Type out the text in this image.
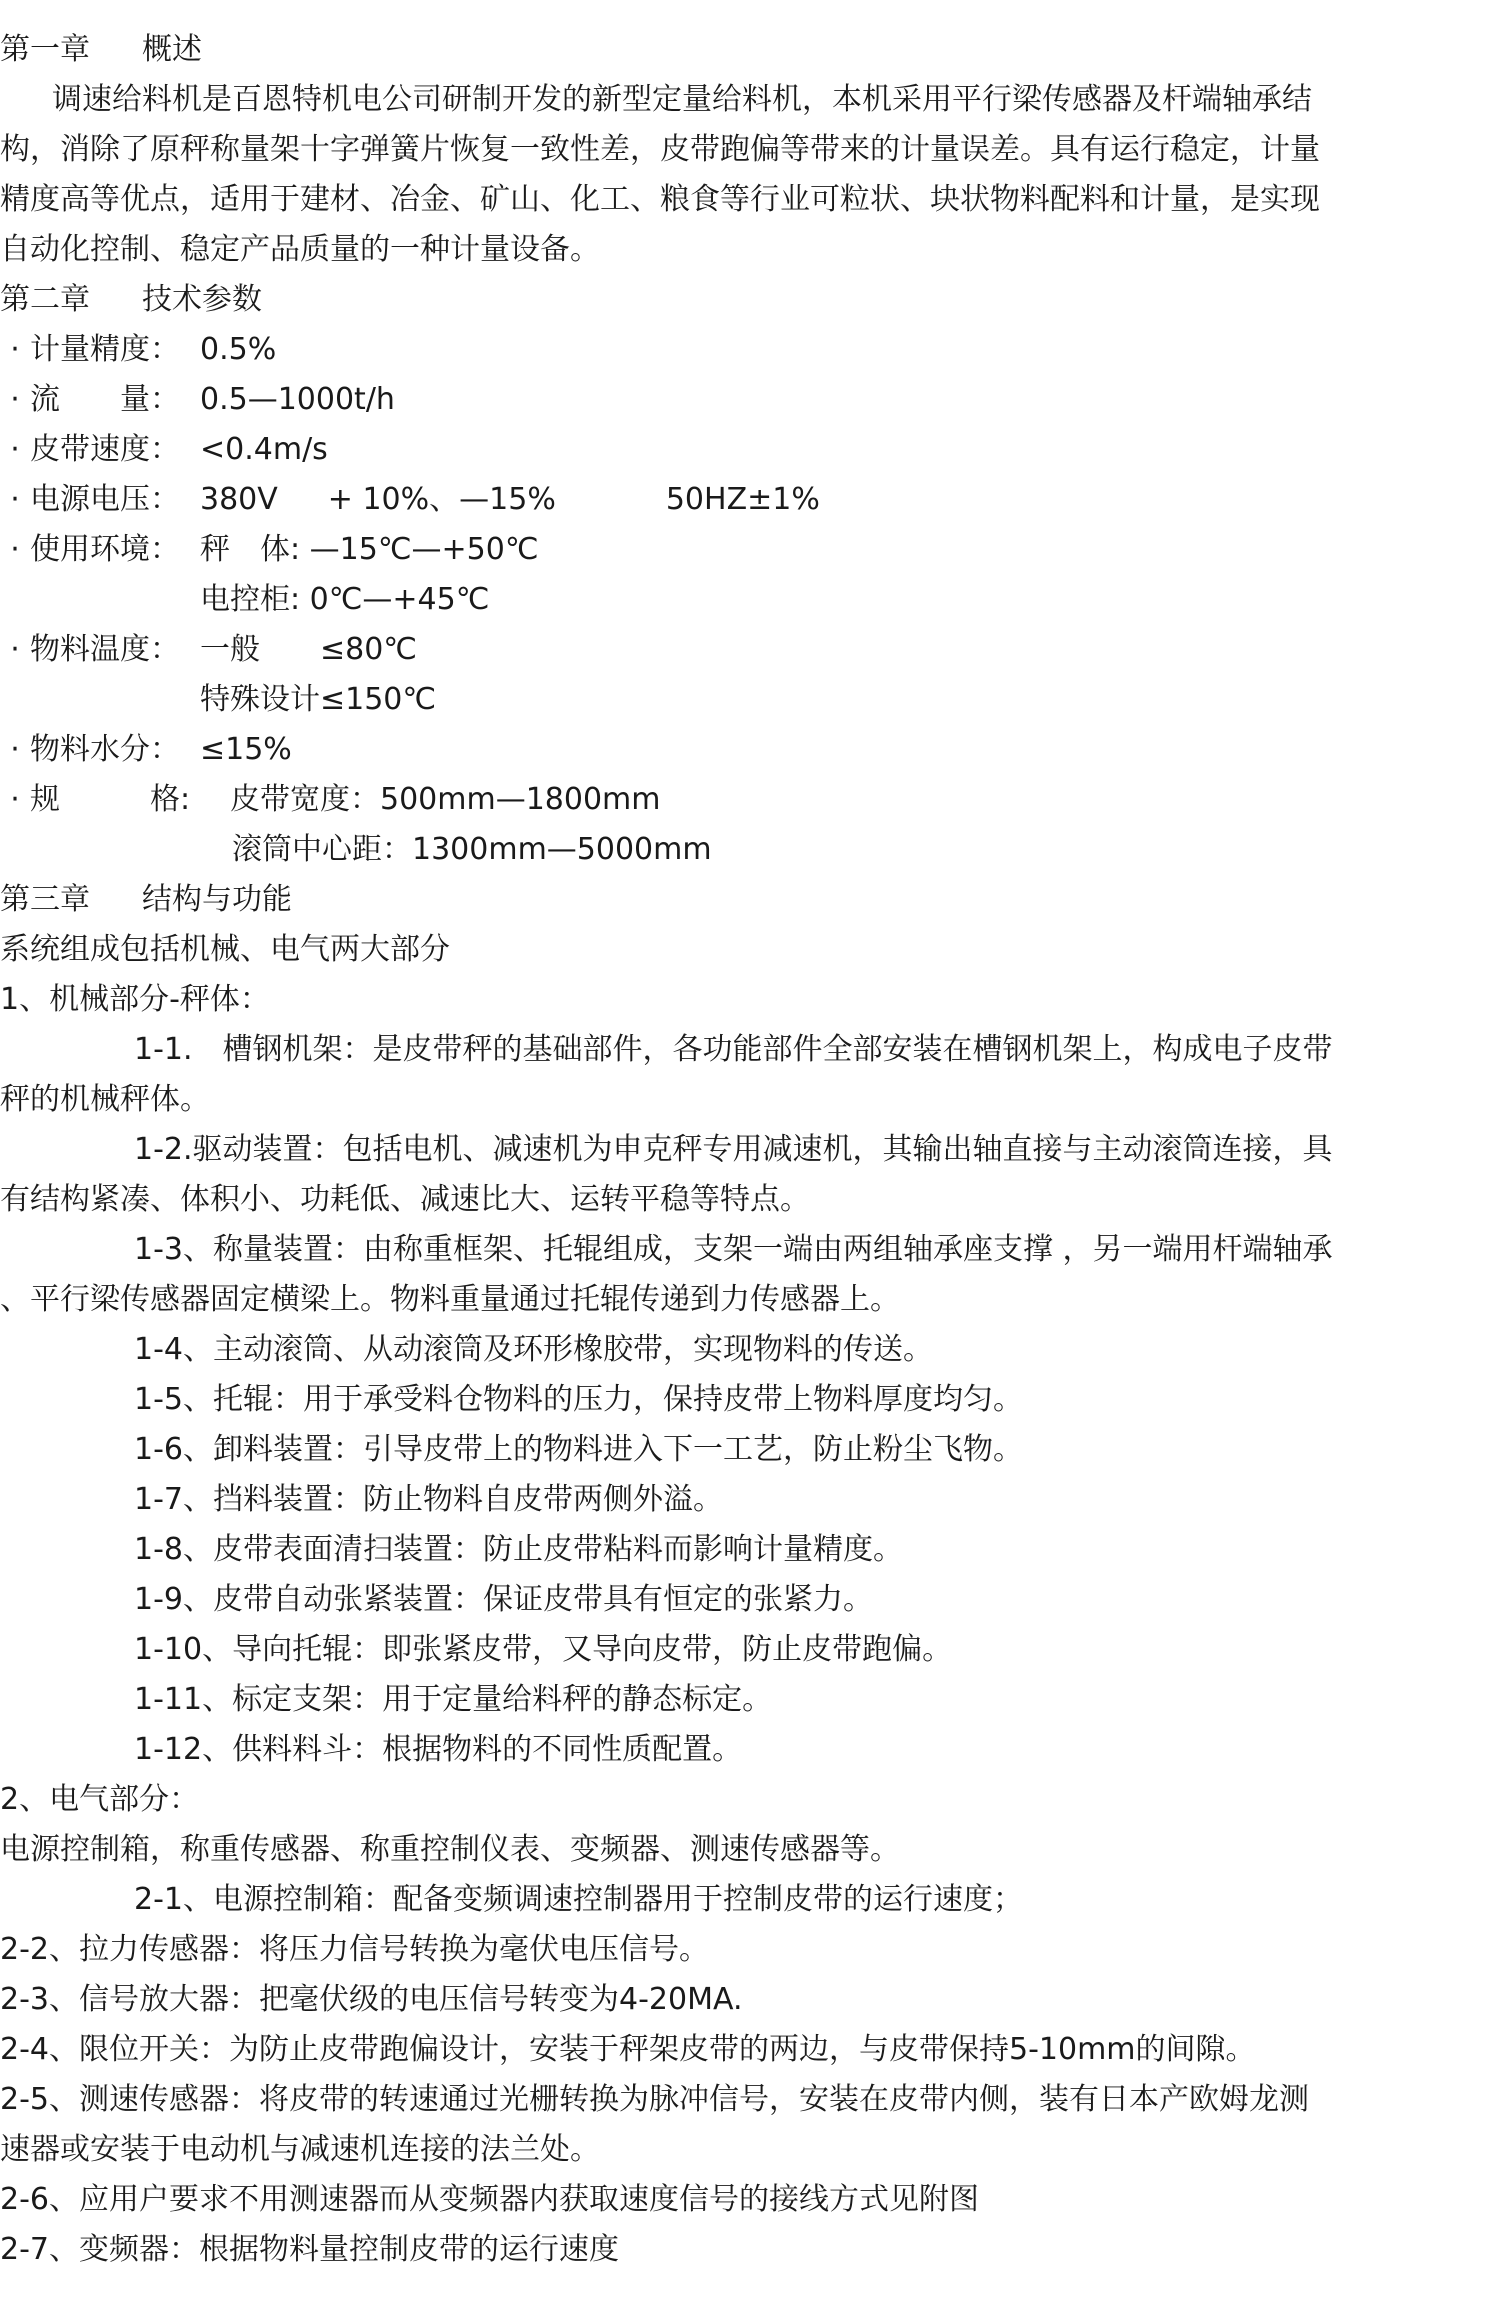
第一章 概述
调速给料机是百恩特机电公司研制开发的新型定量给料机，本机采用平行梁传感器及杆端轴承结
构，消除了原秤称量架十字弹簧片恢复一致性差，皮带跑偏等带来的计量误差。具有运行稳定，计量
精度高等优点，适用于建材、冶金、矿山、化工、粮食等行业可粒状、块状物料配料和计量，是实现
自动化控制、稳定产品质量的一种计量设备。
第二章 技术参数
· 计量精度： 0.5%
· 流　　量： 0.5—1000t/h
· 皮带速度： <0.4m/s
· 电源电压： 380V + 10%、—15%	50HZ±1%
· 使用环境： 秤　体: —15℃—+50℃
电控柜: 0℃—+45℃
· 物料温度： 一般　　≤80℃
特殊设计≤150℃
· 物料水分： ≤15%
· 规　　　格:	皮带宽度：500mm—1800mm
滚筒中心距：1300mm—5000mm
第三章 结构与功能
系统组成包括机械、电气两大部分
1、机械部分-秤体：
1-1.　槽钢机架：是皮带秤的基础部件，各功能部件全部安装在槽钢机架上，构成电子皮带
秤的机械秤体。
1-2.驱动装置：包括电机、减速机为申克秤专用减速机，其输出轴直接与主动滚筒连接，具
有结构紧凑、体积小、功耗低、减速比大、运转平稳等特点。
1-3、称量装置：由称重框架、托辊组成，支架一端由两组轴承座支撑 ，另一端用杆端轴承
、平行梁传感器固定横梁上。物料重量通过托辊传递到力传感器上。
1-4、主动滚筒、从动滚筒及环形橡胶带，实现物料的传送。
1-5、托辊：用于承受料仓物料的压力，保持皮带上物料厚度均匀。
1-6、卸料装置：引导皮带上的物料进入下一工艺，防止粉尘飞物。
1-7、挡料装置：防止物料自皮带两侧外溢。
1-8、皮带表面清扫装置：防止皮带粘料而影响计量精度。
1-9、皮带自动张紧装置：保证皮带具有恒定的张紧力。
1-10、导向托辊：即张紧皮带，又导向皮带，防止皮带跑偏。
1-11、标定支架：用于定量给料秤的静态标定。
1-12、供料料斗：根据物料的不同性质配置。
2、电气部分：
电源控制箱，称重传感器、称重控制仪表、变频器、测速传感器等。
2-1、电源控制箱：配备变频调速控制器用于控制皮带的运行速度；
2-2、拉力传感器：将压力信号转换为毫伏电压信号。
2-3、信号放大器：把毫伏级的电压信号转变为4-20MA.
2-4、限位开关：为防止皮带跑偏设计，安装于秤架皮带的两边，与皮带保持5-10mm的间隙。
2-5、测速传感器：将皮带的转速通过光栅转换为脉冲信号，安装在皮带内侧，装有日本产欧姆龙测
速器或安装于电动机与减速机连接的法兰处。
2-6、应用户要求不用测速器而从变频器内获取速度信号的接线方式见附图
2-7、变频器：根据物料量控制皮带的运行速度
